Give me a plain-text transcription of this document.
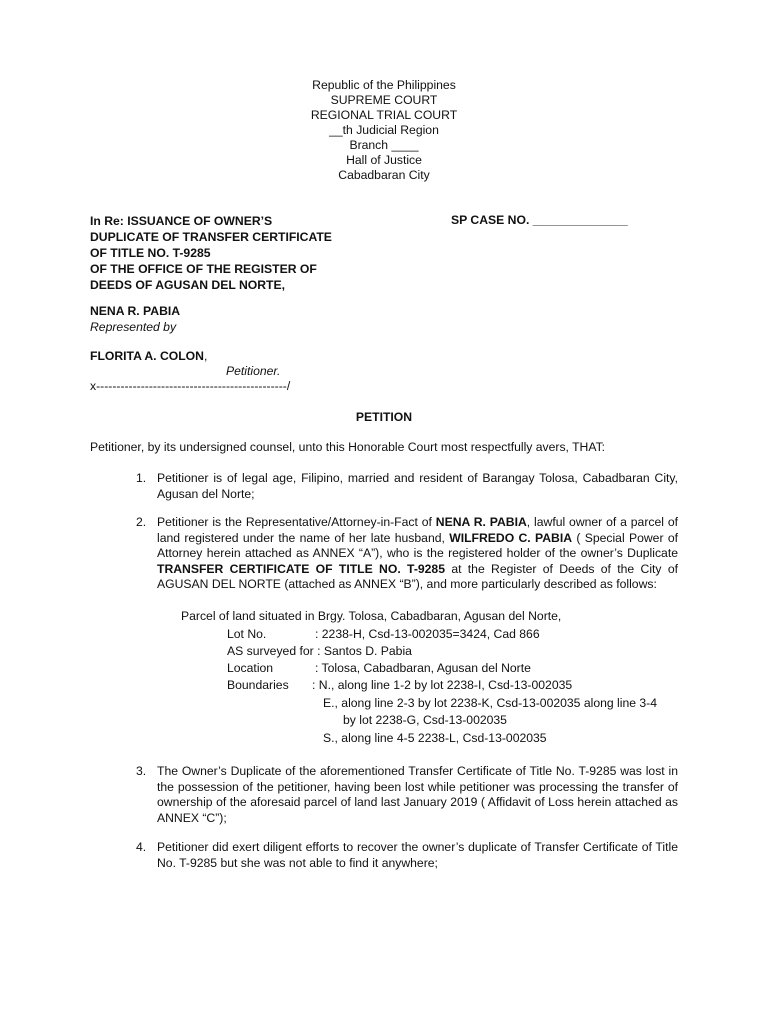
Republic of the Philippines
SUPREME COURT
REGIONAL TRIAL COURT
__th Judicial Region
Branch ____
Hall of Justice
Cabadbaran City
In Re: ISSUANCE OF OWNER’S
DUPLICATE OF TRANSFER CERTIFICATE
OF TITLE NO. T-9285
OF THE OFFICE OF THE REGISTER OF
DEEDS OF AGUSAN DEL NORTE,
SP CASE NO. ______________
NENA R. PABIA
Represented by
FLORITA A. COLON,
Petitioner.
x-----------------------------------------------/
PETITION
Petitioner, by its undersigned counsel, unto this Honorable Court most respectfully avers, THAT:
1. Petitioner is of legal age, Filipino, married and resident of Barangay Tolosa, Cabadbaran City, Agusan del Norte;
2. Petitioner is the Representative/Attorney-in-Fact of NENA R. PABIA, lawful owner of a parcel of land registered under the name of her late husband, WILFREDO C. PABIA ( Special Power of Attorney herein attached as ANNEX “A”), who is the registered holder of the owner’s Duplicate TRANSFER CERTIFICATE OF TITLE NO. T-9285 at the Register of Deeds of the City of AGUSAN DEL NORTE (attached as ANNEX “B”), and more particularly described as follows:
Parcel of land situated in Brgy. Tolosa, Cabadbaran, Agusan del Norte,
Lot No.	: 2238-H, Csd-13-002035=3424, Cad 866
AS surveyed for : Santos D. Pabia
Location	: Tolosa, Cabadbaran, Agusan del Norte
Boundaries : N., along line 1-2 by lot 2238-I, Csd-13-002035
E., along line 2-3 by lot 2238-K, Csd-13-002035 along line 3-4
by lot 2238-G, Csd-13-002035
S., along line 4-5 2238-L, Csd-13-002035
3. The Owner’s Duplicate of the aforementioned Transfer Certificate of Title No. T-9285 was lost in the possession of the petitioner, having been lost while petitioner was processing the transfer of ownership of the aforesaid parcel of land last January 2019 ( Affidavit of Loss herein attached as ANNEX “C”);
4. Petitioner did exert diligent efforts to recover the owner’s duplicate of Transfer Certificate of Title No. T-9285 but she was not able to find it anywhere;
